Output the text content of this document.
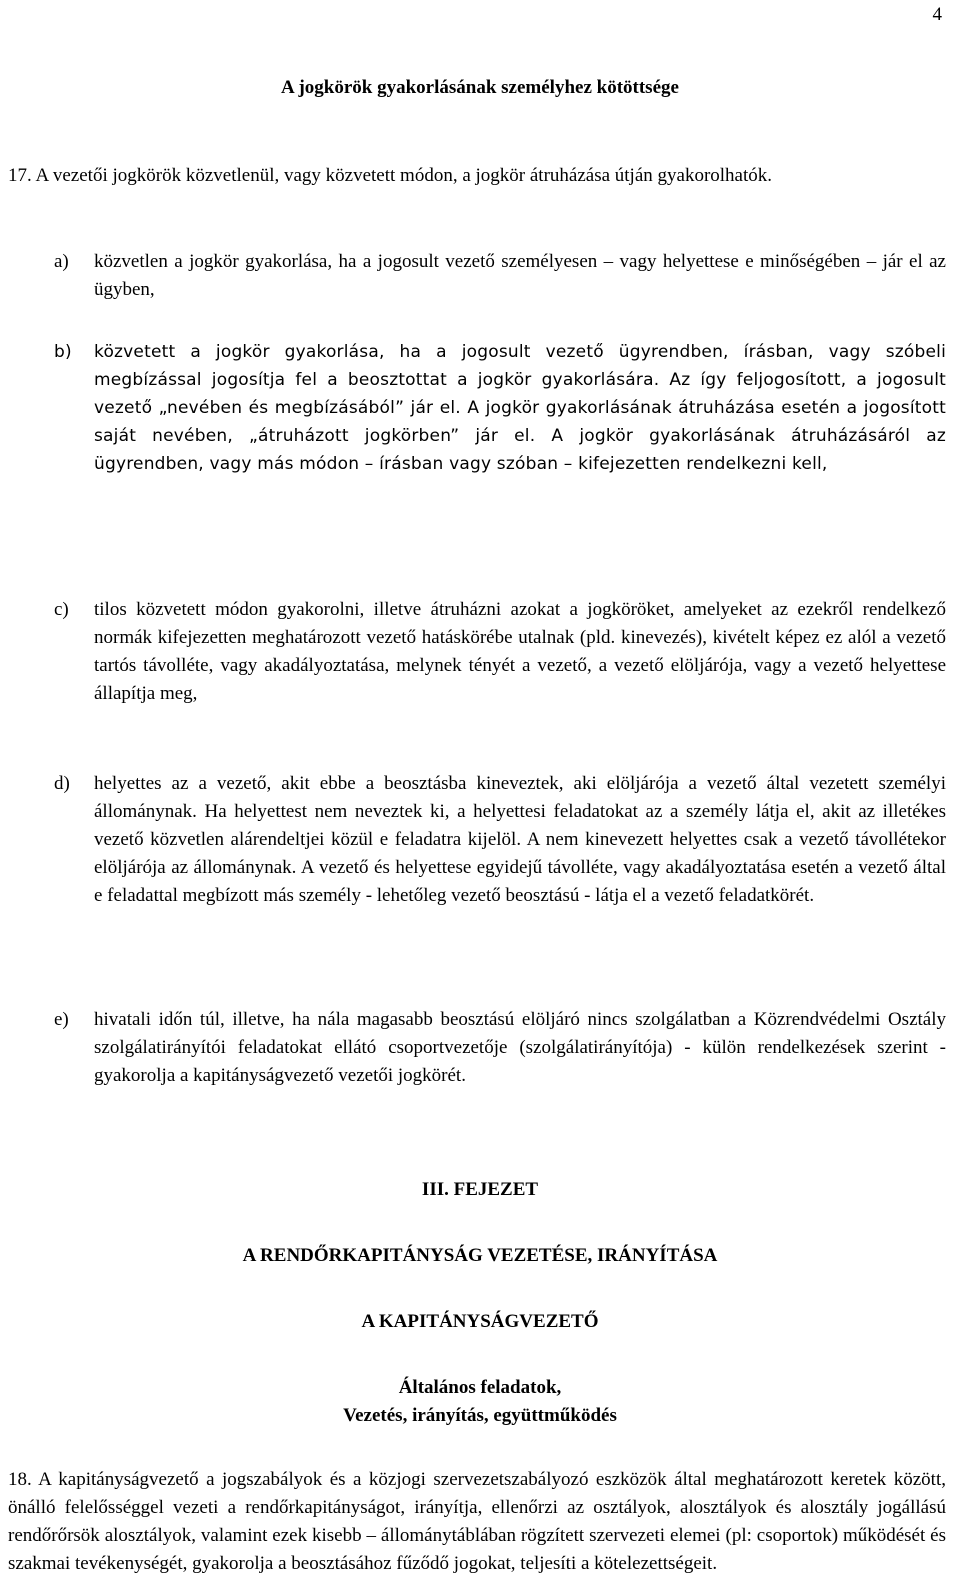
4
A jogkörök gyakorlásának személyhez kötöttsége
17. A vezetői jogkörök közvetlenül, vagy közvetett módon, a jogkör átruházása útján gyakorolhatók.
a) közvetlen a jogkör gyakorlása, ha a jogosult vezető személyesen – vagy helyettese e minőségében – jár el az ügyben,
b) közvetett a jogkör gyakorlása, ha a jogosult vezető ügyrendben, írásban, vagy szóbeli megbízással jogosítja fel a beosztottat a jogkör gyakorlására. Az így feljogosított, a jogosult vezető „nevében és megbízásából” jár el. A jogkör gyakorlásának átruházása esetén a jogosított saját nevében, „átruházott jogkörben” jár el. A jogkör gyakorlásának átruházásáról az ügyrendben, vagy más módon – írásban vagy szóban – kifejezetten rendelkezni kell,
c) tilos közvetett módon gyakorolni, illetve átruházni azokat a jogköröket, amelyeket az ezekről rendelkező normák kifejezetten meghatározott vezető hatáskörébe utalnak (pld. kinevezés), kivételt képez ez alól a vezető tartós távolléte, vagy akadályoztatása, melynek tényét a vezető, a vezető elöljárója, vagy a vezető helyettese állapítja meg,
d) helyettes az a vezető, akit ebbe a beosztásba kineveztek, aki elöljárója a vezető által vezetett személyi állománynak. Ha helyettest nem neveztek ki, a helyettesi feladatokat az a személy látja el, akit az illetékes vezető közvetlen alárendeltjei közül e feladatra kijelöl. A nem kinevezett helyettes csak a vezető távollétekor elöljárója az állománynak. A vezető és helyettese egyidejű távolléte, vagy akadályoztatása esetén a vezető által e feladattal megbízott más személy - lehetőleg vezető beosztású - látja el a vezető feladatkörét.
e) hivatali időn túl, illetve, ha nála magasabb beosztású elöljáró nincs szolgálatban a Közrendvédelmi Osztály szolgálatirányítói feladatokat ellátó csoportvezetője (szolgálatirányítója) - külön rendelkezések szerint - gyakorolja a kapitányságvezető vezetői jogkörét.
III. FEJEZET
A RENDŐRKAPITÁNYSÁG VEZETÉSE, IRÁNYÍTÁSA
A KAPITÁNYSÁGVEZETŐ
Általános feladatok,
Vezetés, irányítás, együttműködés
18. A kapitányságvezető a jogszabályok és a közjogi szervezetszabályozó eszközök által meghatározott keretek között, önálló felelősséggel vezeti a rendőrkapitányságot, irányítja, ellenőrzi az osztályok, alosztályok és alosztály jogállású rendőrőrsök alosztályok, valamint ezek kisebb – állománytáblában rögzített szervezeti elemei (pl: csoportok) működését és szakmai tevékenységét, gyakorolja a beosztásához fűződő jogokat, teljesíti a kötelezettségeit.
